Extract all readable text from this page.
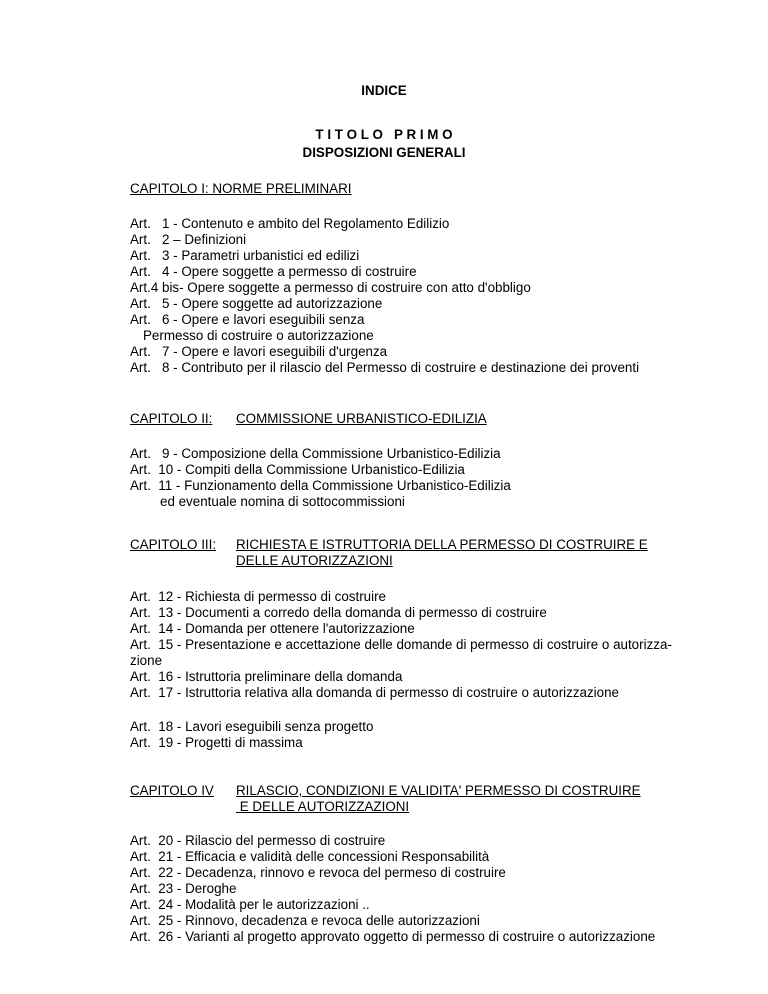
INDICE
T I T O L O   P R I M O
DISPOSIZIONI GENERALI
CAPITOLO I: NORME PRELIMINARI
Art.   1 - Contenuto e ambito del Regolamento Edilizio
Art.   2 – Definizioni
Art.   3 - Parametri urbanistici ed edilizi
Art.   4 - Opere soggette a permesso di costruire
Art.4 bis- Opere soggette a permesso di costruire con atto d'obbligo
Art.   5 - Opere soggette ad autorizzazione
Art.   6 - Opere e lavori eseguibili senza
Permesso di costruire o autorizzazione
Art.   7 - Opere e lavori eseguibili d'urgenza
Art.   8 - Contributo per il rilascio del Permesso di costruire e destinazione dei proventi
CAPITOLO II: COMMISSIONE URBANISTICO-EDILIZIA
Art.   9 - Composizione della Commissione Urbanistico-Edilizia
Art.  10 - Compiti della Commissione Urbanistico-Edilizia
Art.  11 - Funzionamento della Commissione Urbanistico-Edilizia
ed eventuale nomina di sottocommissioni
CAPITOLO III: RICHIESTA E ISTRUTTORIA DELLA PERMESSO DI COSTRUIRE E
DELLE AUTORIZZAZIONI
Art.  12 - Richiesta di permesso di costruire
Art.  13 - Documenti a corredo della domanda di permesso di costruire
Art.  14 - Domanda per ottenere l'autorizzazione
Art.  15 - Presentazione e accettazione delle domande di permesso di costruire o autorizza-
zione
Art.  16 - Istruttoria preliminare della domanda
Art.  17 - Istruttoria relativa alla domanda di permesso di costruire o autorizzazione
Art.  18 - Lavori eseguibili senza progetto
Art.  19 - Progetti di massima
CAPITOLO IV RILASCIO, CONDIZIONI E VALIDITA' PERMESSO DI COSTRUIRE
E DELLE AUTORIZZAZIONI
Art.  20 - Rilascio del permesso di costruire
Art.  21 - Efficacia e validità delle concessioni Responsabilità
Art.  22 - Decadenza, rinnovo e revoca del permeso di costruire
Art.  23 - Deroghe
Art.  24 - Modalità per le autorizzazioni ..
Art.  25 - Rinnovo, decadenza e revoca delle autorizzazioni
Art.  26 - Varianti al progetto approvato oggetto di permesso di costruire o autorizzazione
